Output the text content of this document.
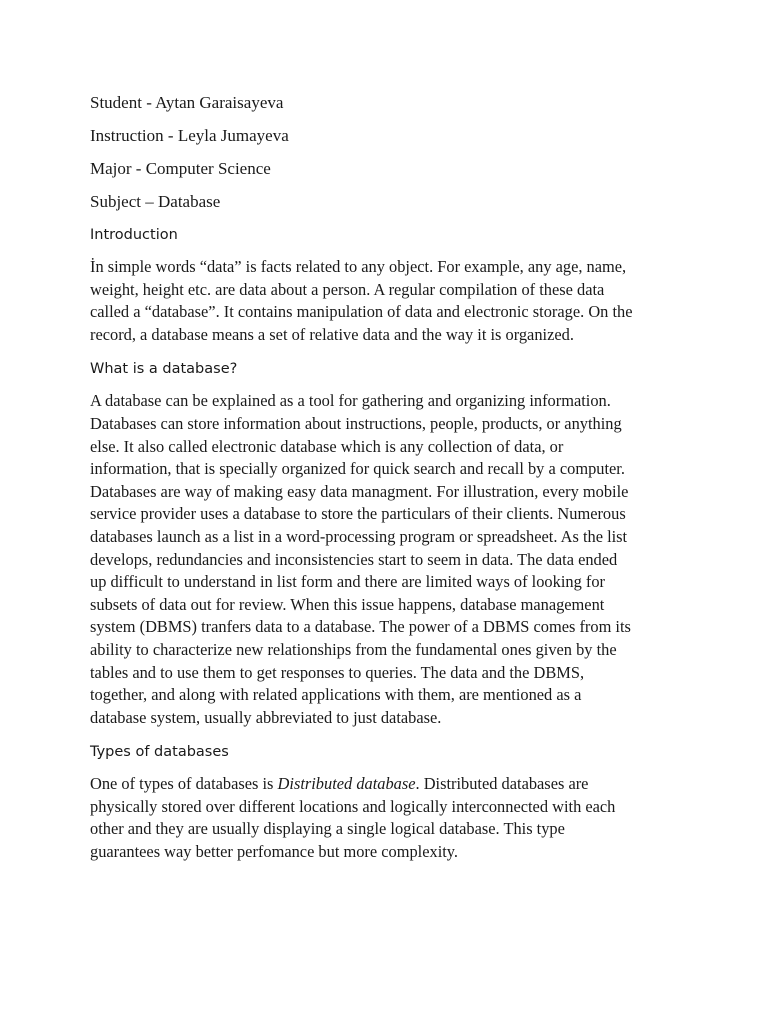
Student - Aytan Garaisayeva
Instruction - Leyla Jumayeva
Major - Computer Science
Subject – Database
Introduction
İn simple words “data” is facts related to any object. For example, any age, name,
weight, height etc. are data about a person. A regular compilation of these data
called a “database”. It contains manipulation of data and electronic storage. On the
record, a database means a set of relative data and the way it is organized.
What is a database?
A database can be explained as a tool for gathering and organizing information.
Databases can store information about instructions, people, products, or anything
else. It also called electronic database which is any collection of data, or
information, that is specially organized for quick search and recall by a computer.
Databases are way of making easy data managment. For illustration, every mobile
service provider uses a database to store the particulars of their clients. Numerous
databases launch as a list in a word-processing program or spreadsheet. As the list
develops, redundancies and inconsistencies start to seem in data. The data ended
up difficult to understand in list form and there are limited ways of looking for
subsets of data out for review. When this issue happens, database management
system (DBMS) tranfers data to a database. The power of a DBMS comes from its
ability to characterize new relationships from the fundamental ones given by the
tables and to use them to get responses to queries. The data and the DBMS,
together, and along with related applications with them, are mentioned as a
database system, usually abbreviated to just database.
Types of databases
One of types of databases is Distributed database. Distributed databases are
physically stored over different locations and logically interconnected with each
other and they are usually displaying a single logical database. This type
guarantees way better perfomance but more complexity.
